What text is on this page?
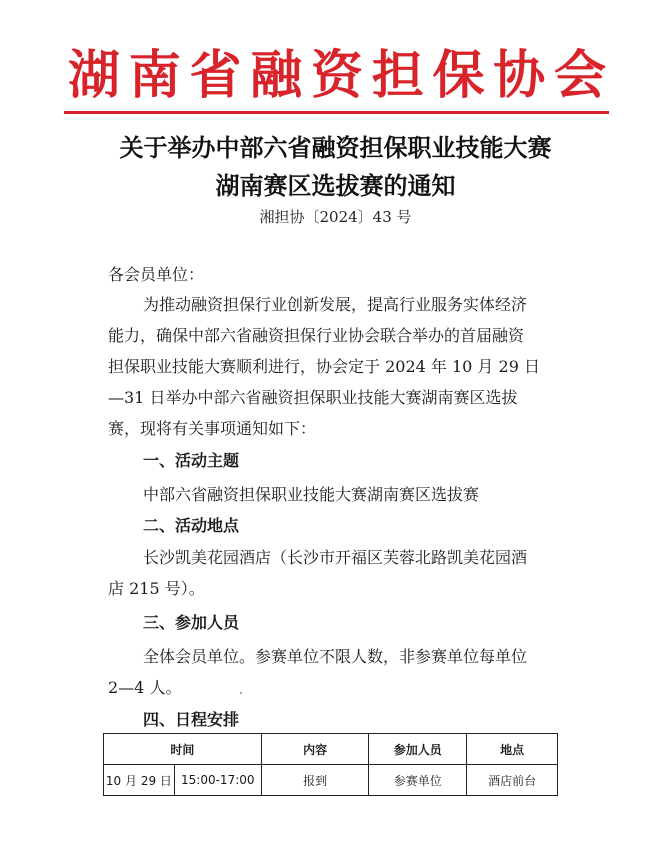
湖南省融资担保协会
关于举办中部六省融资担保职业技能大赛
湖南赛区选拔赛的通知
湘担协〔2024〕43 号
各会员单位：
为推动融资担保行业创新发展，提高行业服务实体经济
能力，确保中部六省融资担保行业协会联合举办的首届融资
担保职业技能大赛顺利进行，协会定于 2024 年 10 月 29 日
—31 日举办中部六省融资担保职业技能大赛湖南赛区选拔
赛，现将有关事项通知如下：
一、活动主题
中部六省融资担保职业技能大赛湖南赛区选拔赛
二、活动地点
长沙凯美花园酒店（长沙市开福区芙蓉北路凯美花园酒
店 215 号）。
三、参加人员
全体会员单位。参赛单位不限人数，非参赛单位每单位
2—4 人。
四、日程安排
时间		内容	参加人员	地点
10 月 29 日	15:00-17:00	报到	参赛单位	酒店前台
